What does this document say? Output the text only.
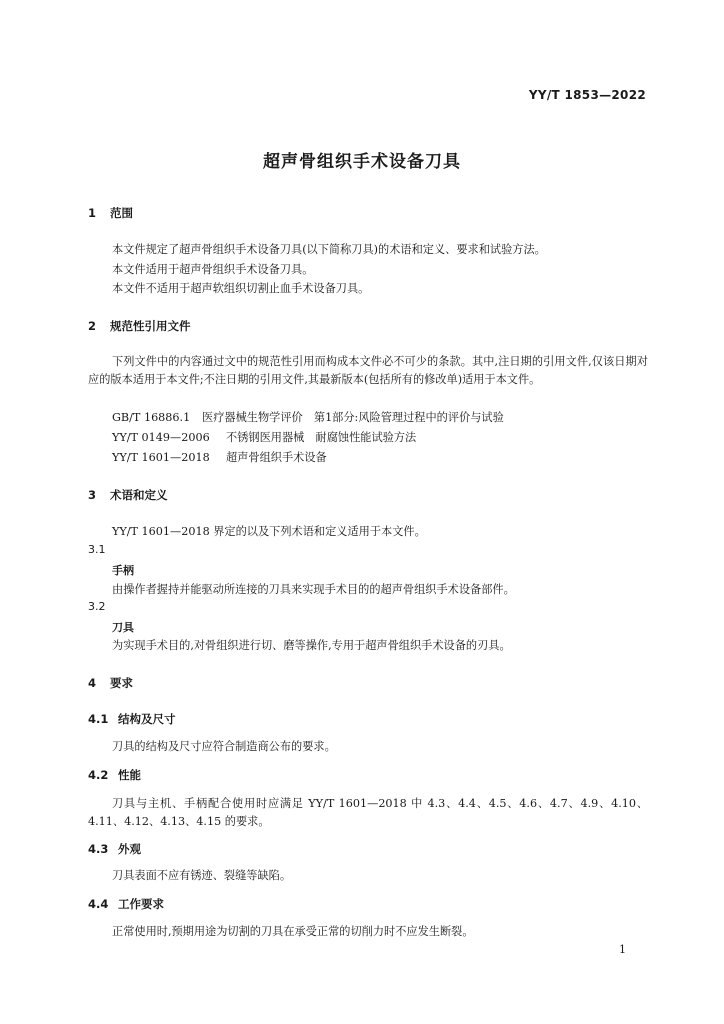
YY/T 1853—2022
超声骨组织手术设备刀具
1 范围
本文件规定了超声骨组织手术设备刀具(以下简称刀具)的术语和定义、要求和试验方法。
本文件适用于超声骨组织手术设备刀具。
本文件不适用于超声软组织切割止血手术设备刀具。
2 规范性引用文件
下列文件中的内容通过文中的规范性引用而构成本文件必不可少的条款。其中,注日期的引用文件,仅该日期对应的版本适用于本文件;不注日期的引用文件,其最新版本(包括所有的修改单)适用于本文件。
GB/T 16886.1 医疗器械生物学评价　第1部分:风险管理过程中的评价与试验
YY/T 0149—2006 不锈钢医用器械　耐腐蚀性能试验方法
YY/T 1601—2018 超声骨组织手术设备
3 术语和定义
YY/T 1601—2018 界定的以及下列术语和定义适用于本文件。
3.1
手柄
由操作者握持并能驱动所连接的刀具来实现手术目的的超声骨组织手术设备部件。
3.2
刀具
为实现手术目的,对骨组织进行切、磨等操作,专用于超声骨组织手术设备的刃具。
4 要求
4.1 结构及尺寸
刀具的结构及尺寸应符合制造商公布的要求。
4.2 性能
刀具与主机、手柄配合使用时应满足 YY/T 1601—2018 中 4.3、4.4、4.5、4.6、4.7、4.9、4.10、4.11、4.12、4.13、4.15 的要求。
4.3 外观
刀具表面不应有锈迹、裂缝等缺陷。
4.4 工作要求
正常使用时,预期用途为切割的刀具在承受正常的切削力时不应发生断裂。
1
